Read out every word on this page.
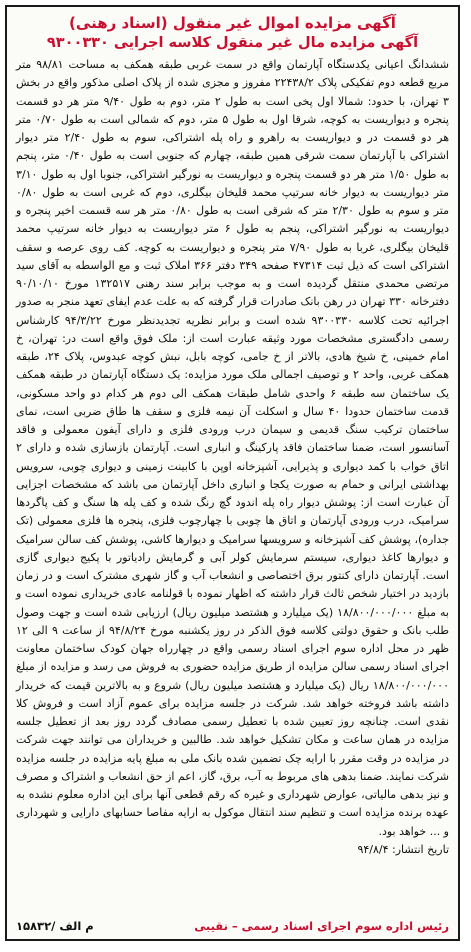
آگهی مزایده اموال غیر منقول (اسناد رهنی)
آگهی مزایده مال غیر منقول کلاسه اجرایی ۹۳۰۰۳۳۰

ششدانگ اعیانی یکدستگاه آپارتمان واقع در سمت غربی طبقه همکف به مساحت ۹۸/۸۱ متر مربع قطعه دوم تفکیکی پلاک ۲۲۴۳۸/۲ مفروز و مجزی شده از پلاک اصلی مذکور واقع در بخش ۳ تهران، با حدود: شمالا اول پخی است به طول ۲ متر، دوم به طول ۹/۴۰ متر هر دو قسمت پنجره و دیواریست به کوچه، شرقا اول به طول ۵ متر، دوم که شمالی است به طول ۰/۷۰ متر هر دو قسمت در و دیواریست به راهرو و راه پله اشتراکی، سوم به طول ۲/۴۰ متر دیوار اشتراکی با آپارتمان سمت شرقی همین طبقه، چهارم که جنوبی است به طول ۰/۴۰ متر، پنجم به طول ۱/۵۰ متر هر دو قسمت پنجره و دیواریست به نورگیر اشتراکی، جنوبا اول به طول ۳/۱۰ متر دیواریست به دیوار خانه سرتیپ محمد قلیخان بیگلری، دوم که غربی است به طول ۰/۸۰ متر و سوم به طول ۲/۳۰ متر که شرقی است به طول ۰/۸۰ متر هر سه قسمت اخیر پنجره و دیواریست به نورگیر اشتراکی، پنجم به طول ۶ متر دیواریست به دیوار خانه سرتیپ محمد قلیخان بیگلری، غربا به طول ۷/۹۰ متر پنجره و دیواریست به کوچه. کف روی عرصه و سقف اشتراکی است که ذیل ثبت ۴۷۳۱۴ صفحه ۳۴۹ دفتر ۳۶۶ املاک ثبت و مع الواسطه به آقای سید مرتضی محمدی منتقل گردیده است و به موجب برابر سند رهنی ۱۳۲۵۱۷ مورخ ۹۰/۱۰/۱۰ دفترخانه ۳۳۰ تهران در رهن بانک صادرات قرار گرفته که به علت عدم ایفای تعهد منجر به صدور اجرائیه تحت کلاسه ۹۳۰۰۳۳۰ شده است و برابر نظریه تجدیدنظر مورخ ۹۴/۳/۲۲ کارشناس رسمی دادگستری مشخصات مورد وثیقه عبارت است از: ملک فوق واقع است در: تهران، خ امام خمینی، خ شیخ هادی، بالاتر از خ جامی، کوچه بابل، نبش کوچه عبدوس، پلاک ۲۴، طبقه همکف غربی، واحد ۲ و توصیف اجمالی ملک مورد مزایده: یک دستگاه آپارتمان در طبقه همکف یک ساختمان سه طبقه ۶ واحدی شامل طبقات همکف الی دوم هر کدام دو واحد مسکونی، قدمت ساختمان حدودا ۴۰ سال و اسکلت آن نیمه فلزی و سقف ها طاق ضربی است، نمای ساختمان ترکیب سنگ قدیمی و سیمان درب ورودی فلزی و دارای آیفون معمولی و فاقد آسانسور است، ضمنا ساختمان فاقد پارکینگ و انباری است. آپارتمان بازسازی شده و دارای ۲ اتاق خواب با کمد دیواری و پذیرایی، آشپزخانه اوپن با کابینت زمینی و دیواری چوبی، سرویس بهداشتی ایرانی و حمام به صورت یکجا و انباری داخل آپارتمان می باشد که مشخصات اجزایی آن عبارت است از: پوشش دیوار راه پله اندود گچ رنگ شده و کف پله ها سنگ و کف پاگردها سرامیک، درب ورودی آپارتمان و اتاق ها چوبی با چهارچوب فلزی، پنجره ها فلزی معمولی (تک جداره)، پوشش کف آشپزخانه و سرویسها سرامیک و دیوارها کاشی، پوشش کف سالن سرامیک و دیوارها کاغذ دیواری، سیستم سرمایش کولر آبی و گرمایش رادیاتور با پکیج دیواری گازی است. آپارتمان دارای کنتور برق اختصاصی و انشعاب آب و گاز شهری مشترک است و در زمان بازدید در اختیار شخص ثالث قرار داشته که اظهار نموده با قولنامه عادی خریداری نموده است و به مبلغ ۱۸/۸۰۰/۰۰۰/۰۰۰ (یک میلیارد و هشتصد میلیون ریال) ارزیابی شده است و جهت وصول طلب بانک و حقوق دولتی کلاسه فوق الذکر در روز یکشنبه مورخ ۹۴/۸/۲۴ از ساعت ۹ الی ۱۲ ظهر در محل اداره سوم اجرای اسناد رسمی واقع در چهارراه جهان کودک ساختمان معاونت اجرای اسناد رسمی سالن مزایده از طریق مزایده حضوری به فروش می رسد و مزایده از مبلغ ۱۸/۸۰۰/۰۰۰/۰۰۰ ریال (یک میلیارد و هشتصد میلیون ریال) شروع و به بالاترین قیمت که خریدار داشته باشد فروخته خواهد شد. شرکت در جلسه مزایده برای عموم آزاد است و فروش کلا نقدی است. چنانچه روز تعیین شده با تعطیل رسمی مصادف گردد روز بعد از تعطیل جلسه مزایده در همان ساعت و مکان تشکیل خواهد شد. طالبین و خریداران می توانند جهت شرکت در مزایده در وقت مقرر با ارایه چک تضمین شده بانک ملی به مبلغ پایه مزایده در جلسه مزایده شرکت نمایند. ضمنا بدهی های مربوط به آب، برق، گاز، اعم از حق انشعاب و اشتراک و مصرف و نیز بدهی مالیاتی، عوارض شهرداری و غیره که رقم قطعی آنها برای این اداره معلوم نشده به عهده برنده مزایده است و تنظیم سند انتقال موکول به ارایه مفاصا حسابهای دارایی و شهرداری و ... خواهد بود.

تاریخ انتشار: ۹۴/۸/۴

رئیس اداره سوم اجرای اسناد رسمی – نقیبی
۱۵۸۳۲/ م الف
